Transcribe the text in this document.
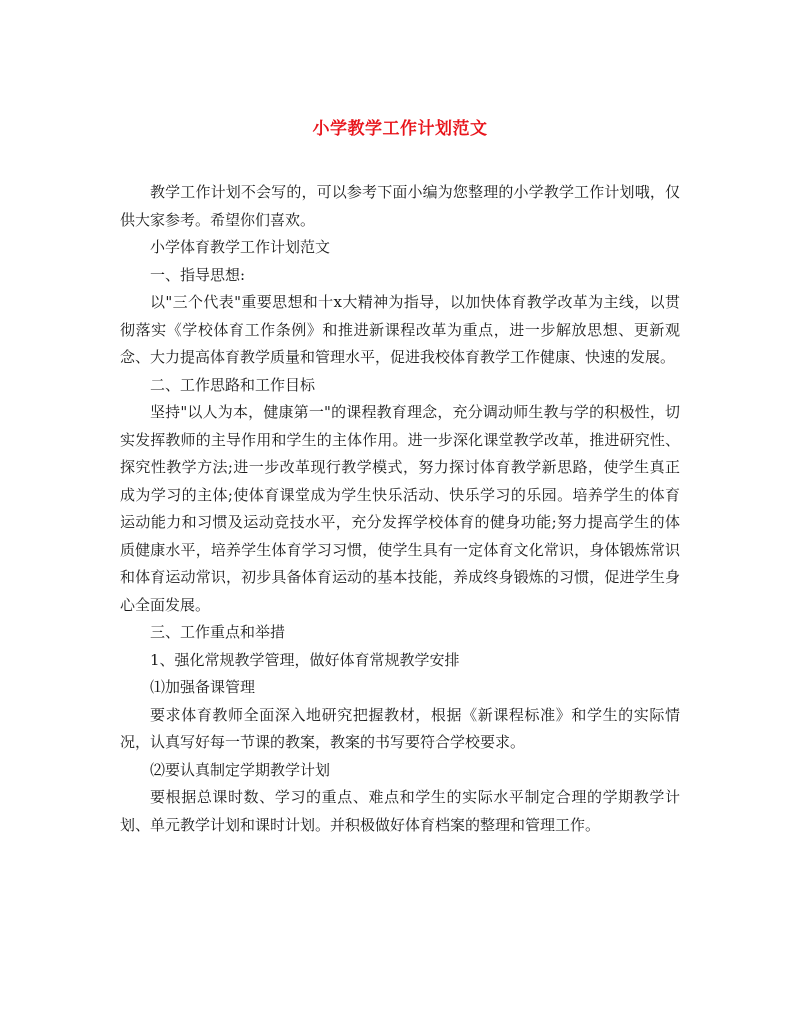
小学教学工作计划范文

教学工作计划不会写的，可以参考下面小编为您整理的小学教学工作计划哦，仅供大家参考。希望你们喜欢。

小学体育教学工作计划范文

一、指导思想:

以"三个代表"重要思想和十x大精神为指导，以加快体育教学改革为主线，以贯彻落实《学校体育工作条例》和推进新课程改革为重点，进一步解放思想、更新观念、大力提高体育教学质量和管理水平，促进我校体育教学工作健康、快速的发展。

二、工作思路和工作目标

坚持"以人为本，健康第一"的课程教育理念，充分调动师生教与学的积极性，切实发挥教师的主导作用和学生的主体作用。进一步深化课堂教学改革，推进研究性、探究性教学方法;进一步改革现行教学模式，努力探讨体育教学新思路，使学生真正成为学习的主体;使体育课堂成为学生快乐活动、快乐学习的乐园。培养学生的体育运动能力和习惯及运动竞技水平，充分发挥学校体育的健身功能;努力提高学生的体质健康水平，培养学生体育学习习惯，使学生具有一定体育文化常识，身体锻炼常识和体育运动常识，初步具备体育运动的基本技能，养成终身锻炼的习惯，促进学生身心全面发展。

三、工作重点和举措

1、强化常规教学管理，做好体育常规教学安排

⑴加强备课管理

要求体育教师全面深入地研究把握教材，根据《新课程标准》和学生的实际情况，认真写好每一节课的教案，教案的书写要符合学校要求。

⑵要认真制定学期教学计划

要根据总课时数、学习的重点、难点和学生的实际水平制定合理的学期教学计划、单元教学计划和课时计划。并积极做好体育档案的整理和管理工作。
